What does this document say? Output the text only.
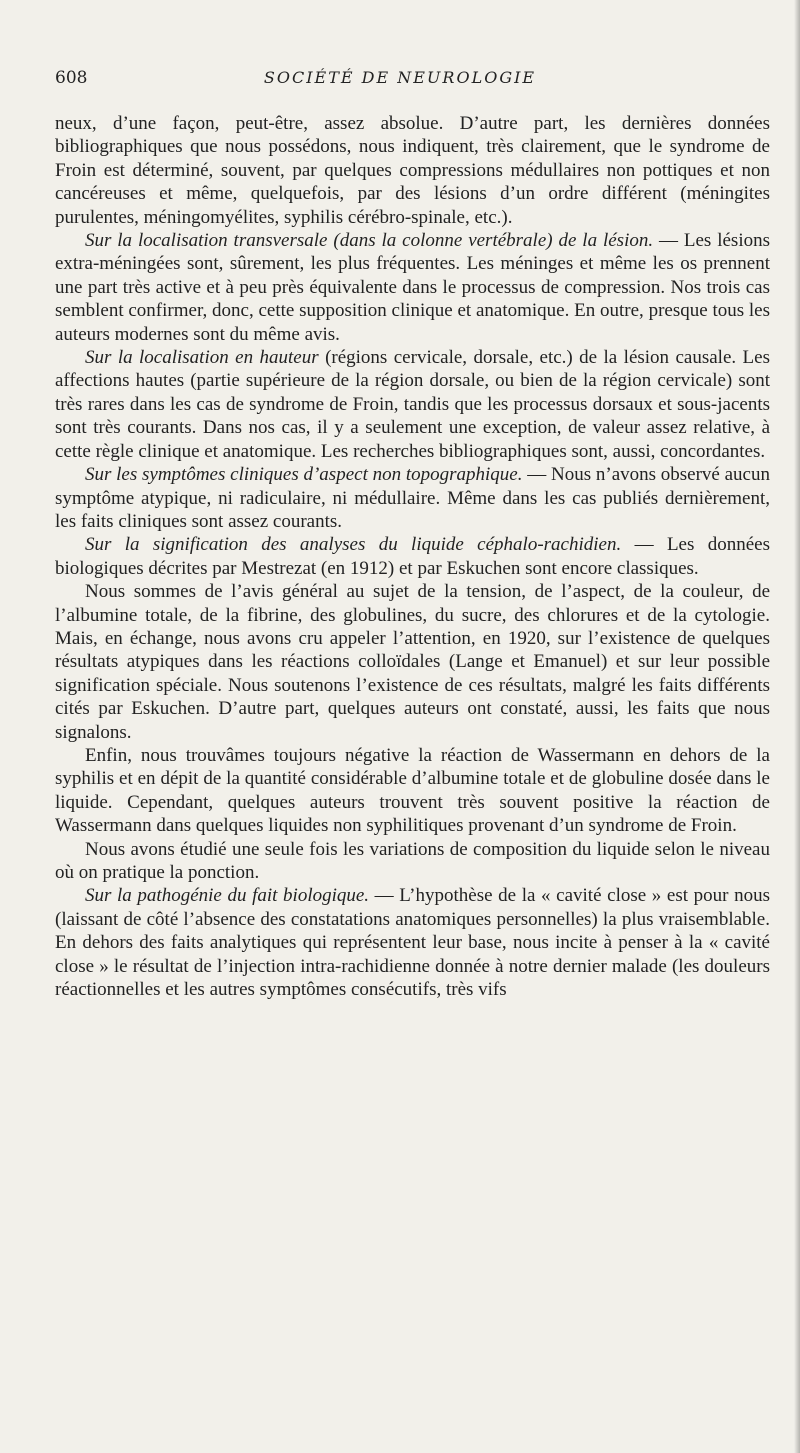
608	SOCIÉTÉ DE NEUROLOGIE

neux, d’une façon, peut-être, assez absolue. D’autre part, les dernières données bibliographiques que nous possédons, nous indiquent, très clairement, que le syndrome de Froin est déterminé, souvent, par quelques compressions médullaires non pottiques et non cancéreuses et même, quelquefois, par des lésions d’un ordre différent (méningites purulentes, méningomyélites, syphilis cérébro-spinale, etc.).

Sur la localisation transversale (dans la colonne vertébrale) de la lésion. — Les lésions extra-méningées sont, sûrement, les plus fréquentes. Les méninges et même les os prennent une part très active et à peu près équivalente dans le processus de compression. Nos trois cas semblent confirmer, donc, cette supposition clinique et anatomique. En outre, presque tous les auteurs modernes sont du même avis.

Sur la localisation en hauteur (régions cervicale, dorsale, etc.) de la lésion causale. Les affections hautes (partie supérieure de la région dorsale, ou bien de la région cervicale) sont très rares dans les cas de syndrome de Froin, tandis que les processus dorsaux et sous-jacents sont très courants. Dans nos cas, il y a seulement une exception, de valeur assez relative, à cette règle clinique et anatomique. Les recherches bibliographiques sont, aussi, concordantes.

Sur les symptômes cliniques d’aspect non topographique. — Nous n’avons observé aucun symptôme atypique, ni radiculaire, ni médullaire. Même dans les cas publiés dernièrement, les faits cliniques sont assez courants.

Sur la signification des analyses du liquide céphalo-rachidien. — Les données biologiques décrites par Mestrezat (en 1912) et par Eskuchen sont encore classiques.

Nous sommes de l’avis général au sujet de la tension, de l’aspect, de la couleur, de l’albumine totale, de la fibrine, des globulines, du sucre, des chlorures et de la cytologie. Mais, en échange, nous avons cru appeler l’attention, en 1920, sur l’existence de quelques résultats atypiques dans les réactions colloïdales (Lange et Emanuel) et sur leur possible signification spéciale. Nous soutenons l’existence de ces résultats, malgré les faits différents cités par Eskuchen. D’autre part, quelques auteurs ont constaté, aussi, les faits que nous signalons.

Enfin, nous trouvâmes toujours négative la réaction de Wassermann en dehors de la syphilis et en dépit de la quantité considérable d’albumine totale et de globuline dosée dans le liquide. Cependant, quelques auteurs trouvent très souvent positive la réaction de Wassermann dans quelques liquides non syphilitiques provenant d’un syndrome de Froin.

Nous avons étudié une seule fois les variations de composition du liquide selon le niveau où on pratique la ponction.

Sur la pathogénie du fait biologique. — L’hypothèse de la « cavité close » est pour nous (laissant de côté l’absence des constatations anatomiques personnelles) la plus vraisemblable. En dehors des faits analytiques qui représentent leur base, nous incite à penser à la « cavité close » le résultat de l’injection intra-rachidienne donnée à notre dernier malade (les douleurs réactionnelles et les autres symptômes consécutifs, très vifs
